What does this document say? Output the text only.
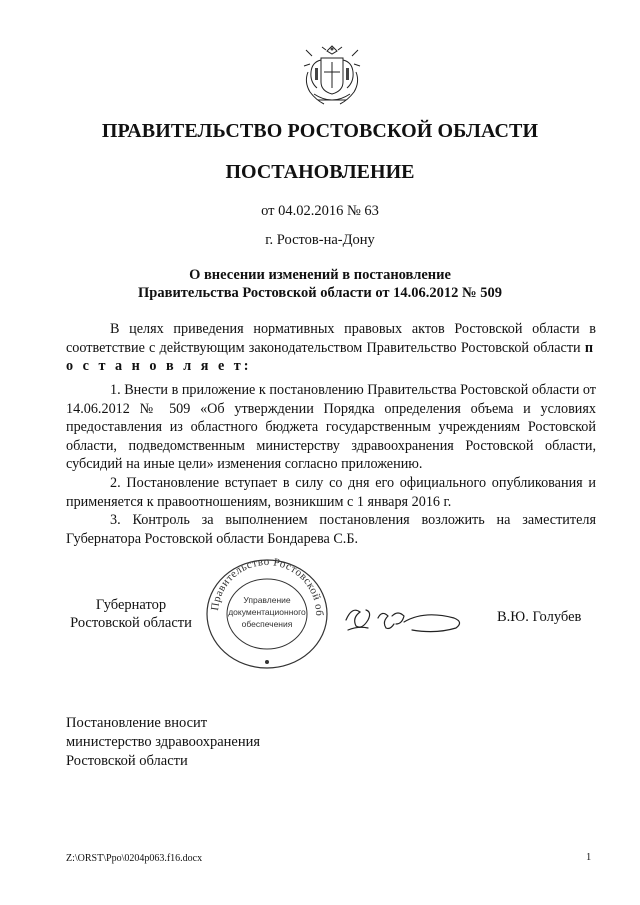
ПРАВИТЕЛЬСТВО РОСТОВСКОЙ ОБЛАСТИ
ПОСТАНОВЛЕНИЕ
от 04.02.2016 № 63
г. Ростов-на-Дону
О внесении изменений в постановление
Правительства Ростовской области от 14.06.2012 № 509

В целях приведения нормативных правовых актов Ростовской области в соответствие с действующим законодательством Правительство Ростовской области п о с т а н о в л я е т:

1. Внести в приложение к постановлению Правительства Ростовской области от 14.06.2012 № 509 «Об утверждении Порядка определения объема и условиях предоставления из областного бюджета государственным учреждениям Ростовской области, подведомственным министерству здравоохранения Ростовской области, субсидий на иные цели» изменения согласно приложению.

2. Постановление вступает в силу со дня его официального опубликования и применяется к правоотношениям, возникшим с 1 января 2016 г.

3. Контроль за выполнением постановления возложить на заместителя Губернатора Ростовской области Бондарева С.Б.

Губернатор
Ростовской области
Правительство Ростовской об
Управление
документационного
обеспечения	В.Ю. Голубев
Постановление вносит
министерство здравоохранения
Ростовской области
Z:\ORST\Ppo\0204p063.f16.docx	1
